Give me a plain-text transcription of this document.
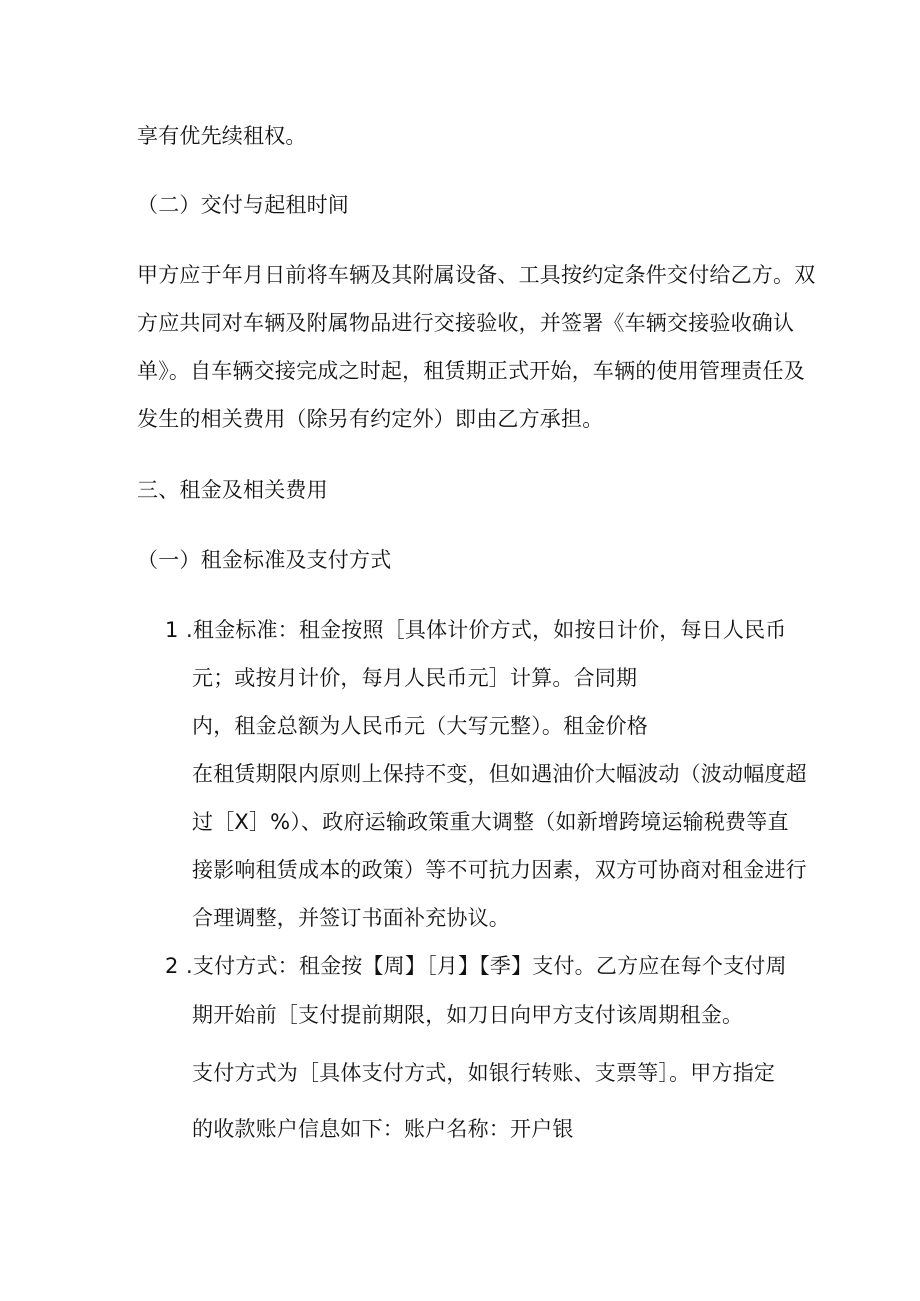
享有优先续租权。
（二）交付与起租时间
甲方应于年月日前将车辆及其附属设备、工具按约定条件交付给乙方。双
方应共同对车辆及附属物品进行交接验收，并签署《车辆交接验收确认
单》。自车辆交接完成之时起，租赁期正式开始，车辆的使用管理责任及
发生的相关费用（除另有约定外）即由乙方承担。
三、租金及相关费用
（一）租金标准及支付方式
1 .租金标准：租金按照［具体计价方式，如按日计价，每日人民币
元；或按月计价，每月人民币元］计算。合同期
内，租金总额为人民币元（大写元整）。租金价格
在租赁期限内原则上保持不变，但如遇油价大幅波动（波动幅度超
过［X］%）、政府运输政策重大调整（如新增跨境运输税费等直
接影响租赁成本的政策）等不可抗力因素，双方可协商对租金进行
合理调整，并签订书面补充协议。
2 .支付方式：租金按【周】［月】【季】支付。乙方应在每个支付周
期开始前［支付提前期限，如刀日向甲方支付该周期租金。
支付方式为［具体支付方式，如银行转账、支票等］。甲方指定
的收款账户信息如下：账户名称：开户银
